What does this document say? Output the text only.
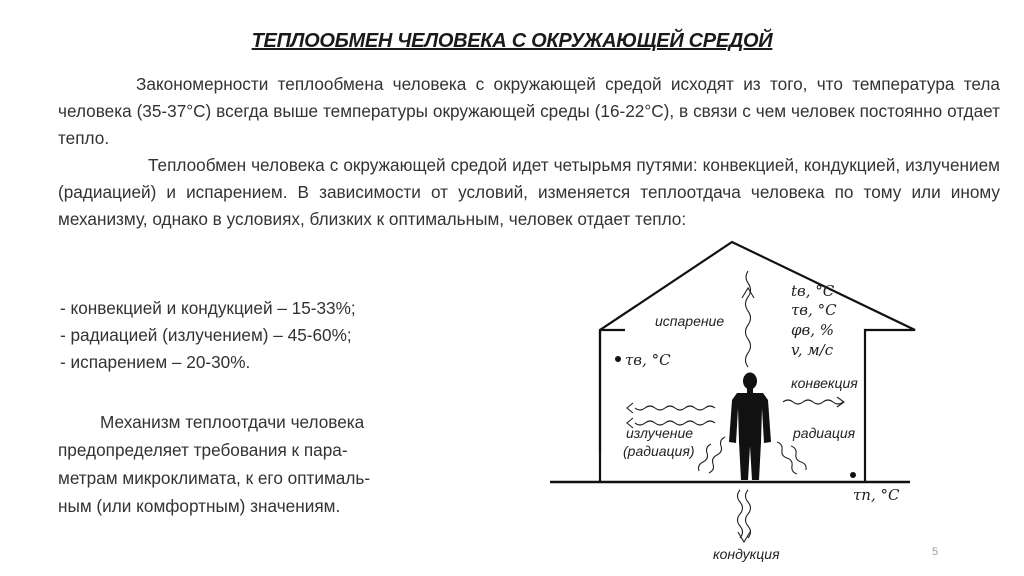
ТЕПЛООБМЕН ЧЕЛОВЕКА С ОКРУЖАЮЩЕЙ СРЕДОЙ
Закономерности теплообмена человека с окружающей средой исходят из того, что температура тела человека (35-37°С) всегда выше температуры окружающей среды (16-22°С), в связи с чем человек постоянно отдает тепло.
Теплообмен человека с окружающей средой идет четырьмя путями: конвекцией, кондукцией, излучением (радиацией) и испарением. В зависимости от условий, изменяется теплоотдача человека по тому или иному механизму, однако в условиях, близких к оптимальным, человек отдает тепло:
- конвекцией и кондукцией – 15-33%;
- радиацией (излучением) – 45-60%;
- испарением – 20-30%.
Механизм теплоотдачи человека
предопределяет требования к пара-
метрам микроклимата, к его оптималь-
ным (или комфортным) значениям.
испарение
конвекция
радиация
излучение
(радиация)
кондукция
τв, °С
τп, °С
tв, °С
τв, °С
φв, %
v, м/с
5
